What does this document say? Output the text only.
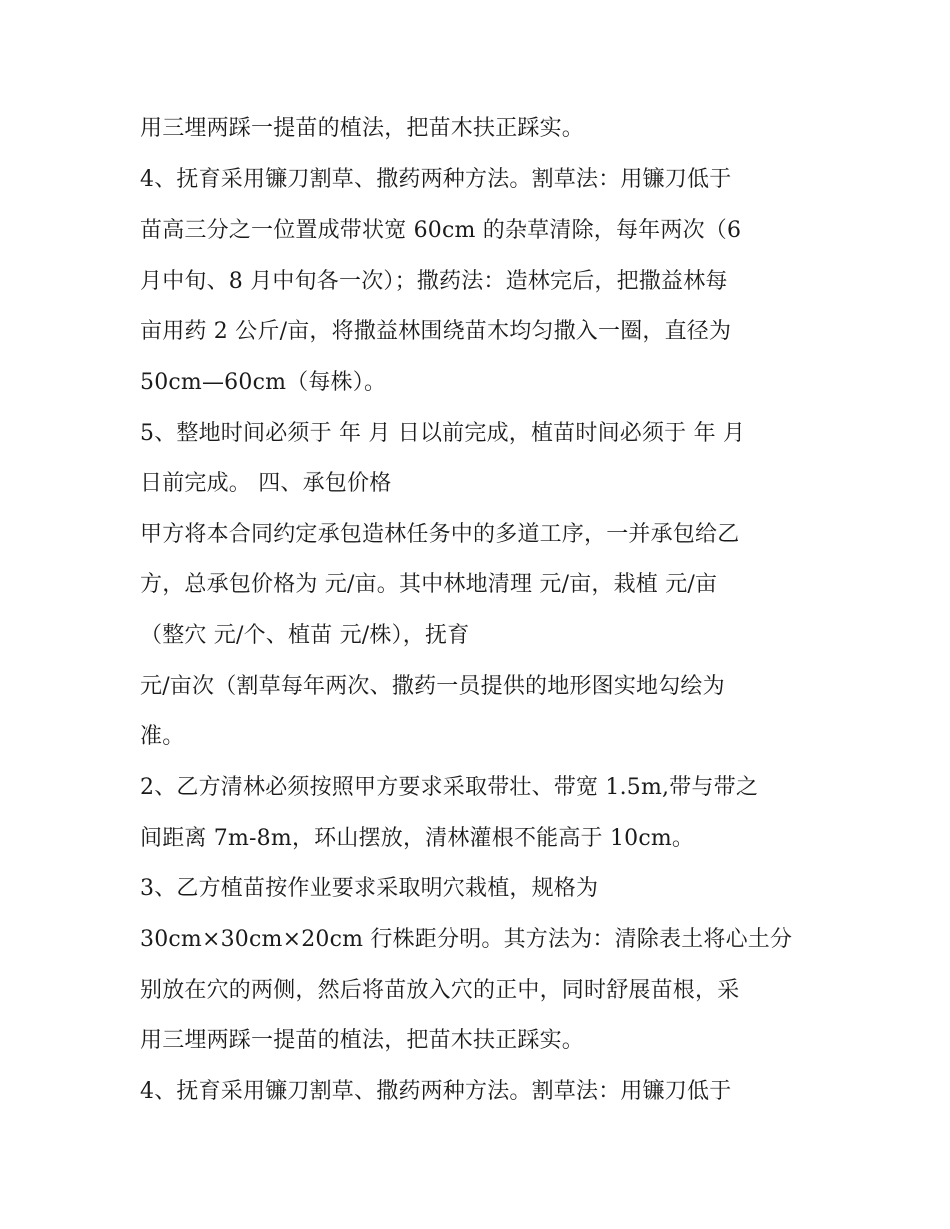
用三埋两踩一提苗的植法，把苗木扶正踩实。
4、抚育采用镰刀割草、撒药两种方法。割草法：用镰刀低于
苗高三分之一位置成带状宽 60cm 的杂草清除，每年两次（6
月中旬、8 月中旬各一次）；撒药法：造林完后，把撒益林每
亩用药 2 公斤/亩，将撒益林围绕苗木均匀撒入一圈，直径为
50cm—60cm（每株）。
5、整地时间必须于 年 月 日以前完成，植苗时间必须于 年 月
日前完成。 四、承包价格
甲方将本合同约定承包造林任务中的多道工序，一并承包给乙
方，总承包价格为 元/亩。其中林地清理 元/亩，栽植 元/亩
（整穴 元/个、植苗 元/株），抚育
元/亩次（割草每年两次、撒药一员提供的地形图实地勾绘为
准。
2、乙方清林必须按照甲方要求采取带壮、带宽 1.5m,带与带之
间距离 7m-8m，环山摆放，清林灌根不能高于 10cm。
3、乙方植苗按作业要求采取明穴栽植，规格为
30cm×30cm×20cm 行株距分明。其方法为：清除表土将心土分
别放在穴的两侧，然后将苗放入穴的正中，同时舒展苗根，采
用三埋两踩一提苗的植法，把苗木扶正踩实。
4、抚育采用镰刀割草、撒药两种方法。割草法：用镰刀低于
